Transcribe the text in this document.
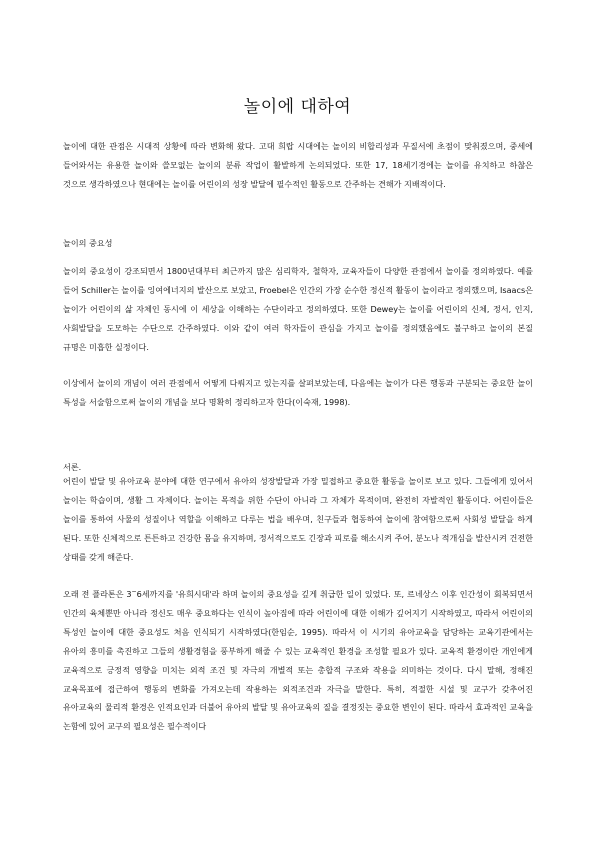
놀이에 대하여

놀이에 대한 관점은 시대적 상황에 따라 변화해 왔다. 고대 희랍 시대에는 놀이의 비합리성과 무질서에 초점이 맞춰졌으며, 중세에 들어와서는 유용한 놀이와 쓸모없는 놀이의 분류 작업이 활발하게 논의되었다. 또한 17, 18세기경에는 놀이를 유치하고 하찮은 것으로 생각하였으나 현대에는 놀이를 어린이의 성장 발달에 필수적인 활동으로 간주하는 견해가 지배적이다.

놀이의 중요성

놀이의 중요성이 강조되면서 1800년대부터 최근까지 많은 심리학자, 철학자, 교육자들이 다양한 관점에서 놀이를 정의하였다. 예를 들어 Schiller는 놀이를 잉여에너지의 발산으로 보았고, Froebel은 인간의 가장 순수한 정신적 활동이 놀이라고 정의했으며, Isaacs은 놀이가 어린이의 삶 자체인 동시에 이 세상을 이해하는 수단이라고 정의하였다. 또한 Dewey는 놀이를 어린이의 신체, 정서, 인지, 사회발달을 도모하는 수단으로 간주하였다. 이와 같이 여러 학자들이 관심을 가지고 놀이를 정의했음에도 불구하고 놀이의 본질 규명은 미흡한 실정이다.

이상에서 놀이의 개념이 여러 관점에서 어떻게 다뤄지고 있는지를 살펴보았는데, 다음에는 놀이가 다른 행동과 구분되는 중요한 놀이 특성을 서술함으로써 놀이의 개념을 보다 명확히 정리하고자 한다(이숙재, 1998).

서론.

어린이 발달 및 유아교육 분야에 대한 연구에서 유아의 성장발달과 가장 밀접하고 중요한 활동을 놀이로 보고 있다. 그들에게 있어서 놀이는 학습이며, 생활 그 자체이다. 놀이는 목적을 위한 수단이 아니라 그 자체가 목적이며, 완전히 자발적인 활동이다. 어린이들은 놀이를 통하여 사물의 성질이나 역할을 이해하고 다루는 법을 배우며, 친구들과 협동하여 놀이에 참여함으로써 사회성 발달을 하게 된다. 또한 신체적으로 튼튼하고 건강한 몸을 유지하며, 정서적으로도 긴장과 피로를 해소시켜 주어, 분노나 적개심을 발산시켜 건전한 상태를 갖게 해준다.

오래 전 플라톤은 3~6세까지를 '유희시대'라 하며 놀이의 중요성을 깊게 취급한 일이 있었다. 또, 르네상스 이후 인간성이 회복되면서 인간의 육체뿐만 아니라 정신도 매우 중요하다는 인식이 높아짐에 따라 어린이에 대한 이해가 깊어지기 시작하였고, 따라서 어린이의 특성인 놀이에 대한 중요성도 처음 인식되기 시작하였다(한임순, 1995). 따라서 이 시기의 유아교육을 담당하는 교육기관에서는 유아의 흥미를 촉진하고 그들의 생활경험을 풍부하게 해줄 수 있는 교육적인 환경을 조성할 필요가 있다. 교육적 환경이란 개인에게 교육적으로 긍정적 영향을 미치는 외적 조건 및 자극의 개별적 또는 총합적 구조와 작용을 의미하는 것이다. 다시 말해, 정해진 교육목표에 접근하여 행동의 변화를 가져오는데 작용하는 외적조건과 자극을 말한다. 특히, 적절한 시설 및 교구가 갖추어진 유아교육의 물리적 환경은 인적요인과 더불어 유아의 발달 및 유아교육의 질을 결정짓는 중요한 변인이 된다. 따라서 효과적인 교육을 논함에 있어 교구의 필요성은 필수적이다
